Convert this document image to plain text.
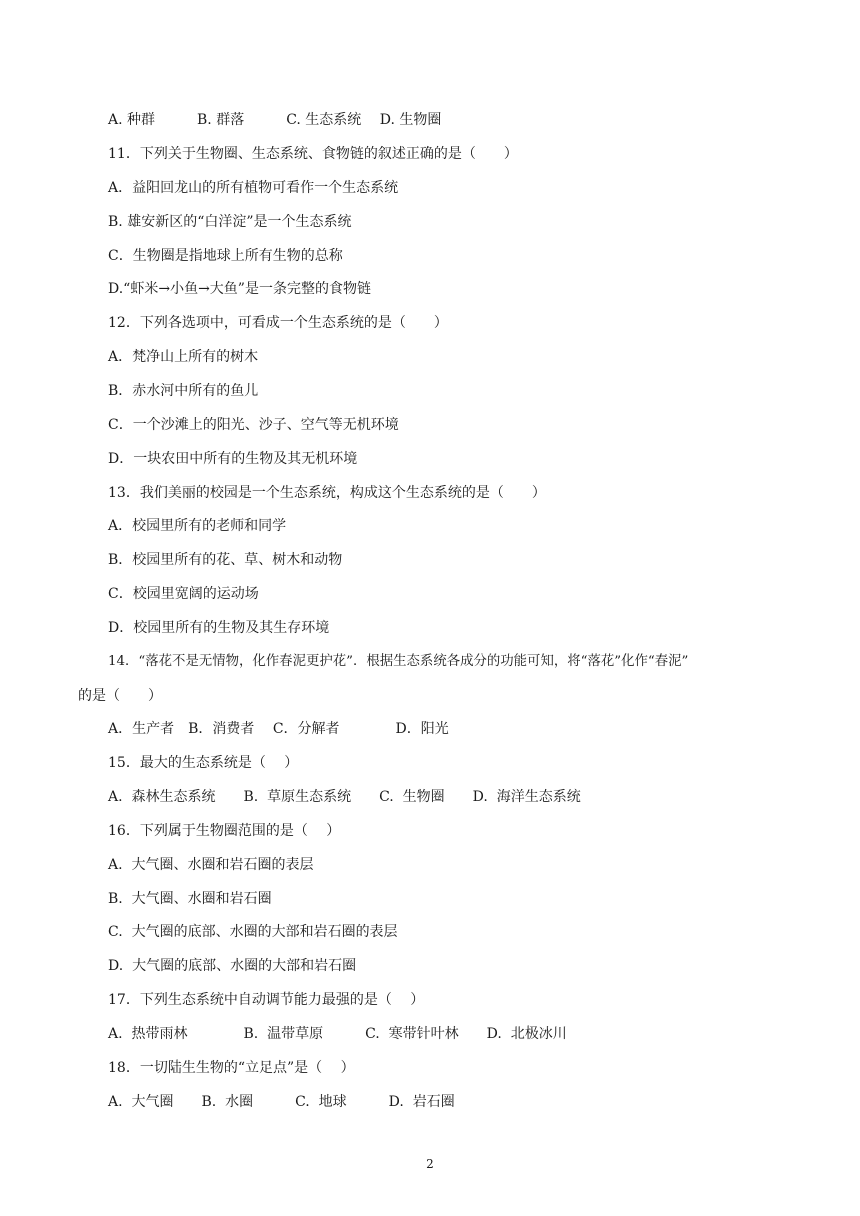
A. 种群　　　B. 群落　　　C. 生态系统　 D. 生物圈
11．下列关于生物圈、生态系统、食物链的叙述正确的是（　　）
A．益阳回龙山的所有植物可看作一个生态系统
B. 雄安新区的“白洋淀”是一个生态系统
C．生物圈是指地球上所有生物的总称
D.“虾米→小鱼→大鱼”是一条完整的食物链
12．下列各选项中，可看成一个生态系统的是（　　）
A．梵净山上所有的树木
B．赤水河中所有的鱼儿
C．一个沙滩上的阳光、沙子、空气等无机环境
D．一块农田中所有的生物及其无机环境
13．我们美丽的校园是一个生态系统，构成这个生态系统的是（　　）
A．校园里所有的老师和同学
B．校园里所有的花、草、树木和动物
C．校园里宽阔的运动场
D．校园里所有的生物及其生存环境
14．“落花不是无情物，化作春泥更护花”．根据生态系统各成分的功能可知，将“落花”化作“春泥”
的是（　　）
A．生产者　B．消费者　 C．分解者　　　　D．阳光
15．最大的生态系统是（　 ）
A.  森林生态系统　　B.  草原生态系统　　C.  生物圈　　D.  海洋生态系统
16．下列属于生物圈范围的是（　 ）
A.  大气圈、水圈和岩石圈的表层
B.  大气圈、水圈和岩石圈
C.  大气圈的底部、水圈的大部和岩石圈的表层
D.  大气圈的底部、水圈的大部和岩石圈
17．下列生态系统中自动调节能力最强的是（　 ）
A.  热带雨林　　　　B.  温带草原　　　C.  寒带针叶林　　D.  北极冰川
18．一切陆生生物的“立足点”是（　 ）
A.  大气圈　　B.  水圈　　　C.  地球　　　D.  岩石圈
2
